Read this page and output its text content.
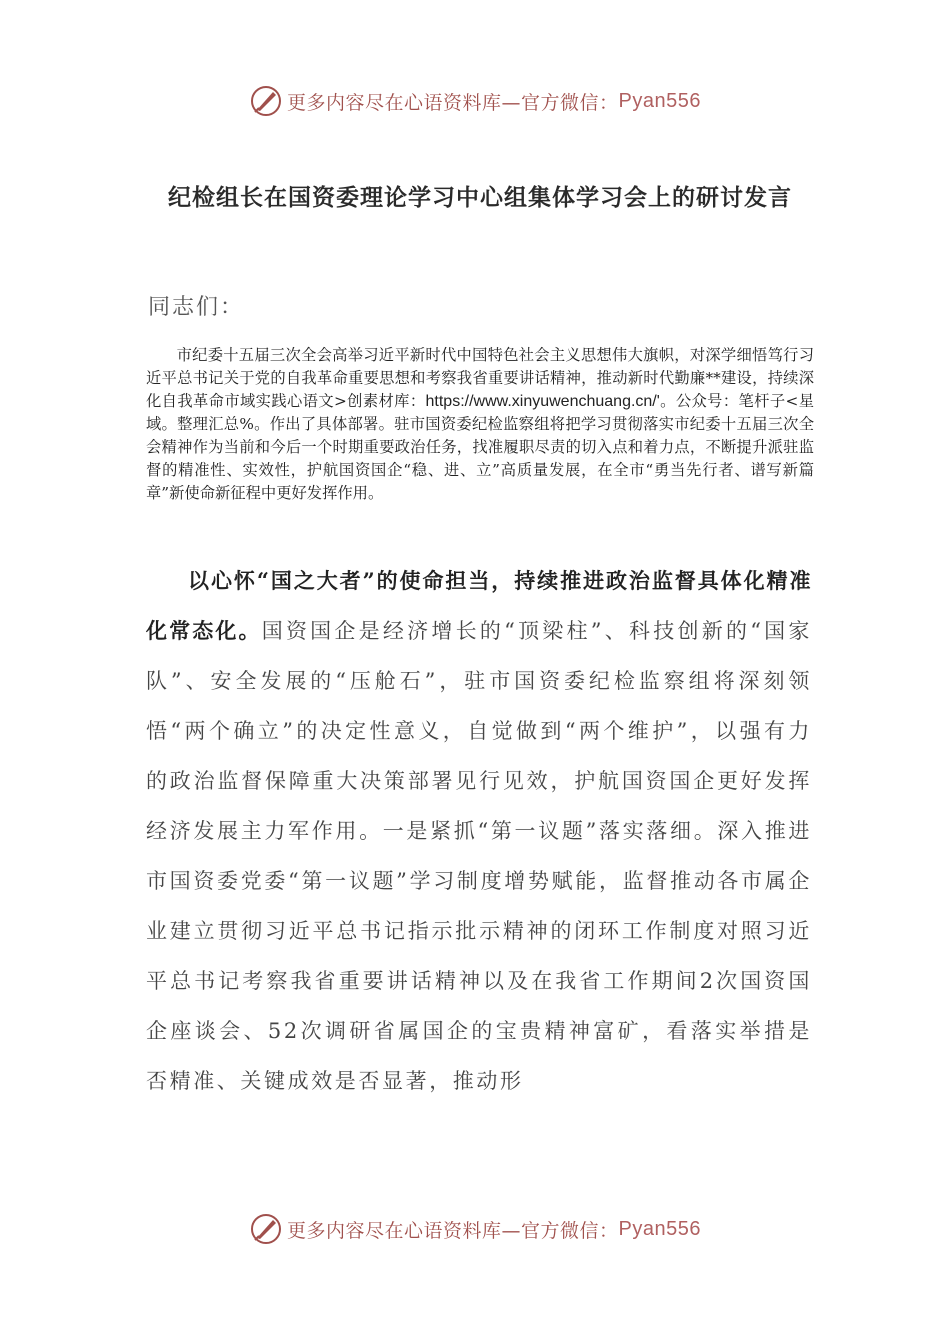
更多内容尽在心语资料库—官方微信： Pyan556
纪检组长在国资委理论学习中心组集体学习会上的研讨发言
同志们：
市纪委十五届三次全会高举习近平新时代中国特色社会主义思想伟大旗帜，对深学细悟笃行习近平总书记关于党的自我革命重要思想和考察我省重要讲话精神，推动新时代勤廉**建设，持续深化自我革命市域实践心语文>创素材库：https://www.xinyuwenchuang.cn/'。公众号：笔杆子<星域。整理汇总%。作出了具体部署。驻市国资委纪检监察组将把学习贯彻落实市纪委十五届三次全会精神作为当前和今后一个时期重要政治任务，找准履职尽责的切入点和着力点，不断提升派驻监督的精准性、实效性，护航国资国企“稳、进、立”高质量发展，在全市“勇当先行者、谱写新篇章”新使命新征程中更好发挥作用。
以心怀“国之大者”的使命担当，持续推进政治监督具体化精准化常态化。国资国企是经济增长的“顶梁柱”、科技创新的“国家队”、安全发展的“压舱石”，驻市国资委纪检监察组将深刻领悟“两个确立”的决定性意义，自觉做到“两个维护”，以强有力的政治监督保障重大决策部署见行见效，护航国资国企更好发挥经济发展主力军作用。一是紧抓“第一议题”落实落细。深入推进市国资委党委“第一议题”学习制度增势赋能，监督推动各市属企业建立贯彻习近平总书记指示批示精神的闭环工作制度对照习近平总书记考察我省重要讲话精神以及在我省工作期间2次国资国企座谈会、52次调研省属国企的宝贵精神富矿，看落实举措是否精准、关键成效是否显著，推动形
更多内容尽在心语资料库—官方微信： Pyan556
